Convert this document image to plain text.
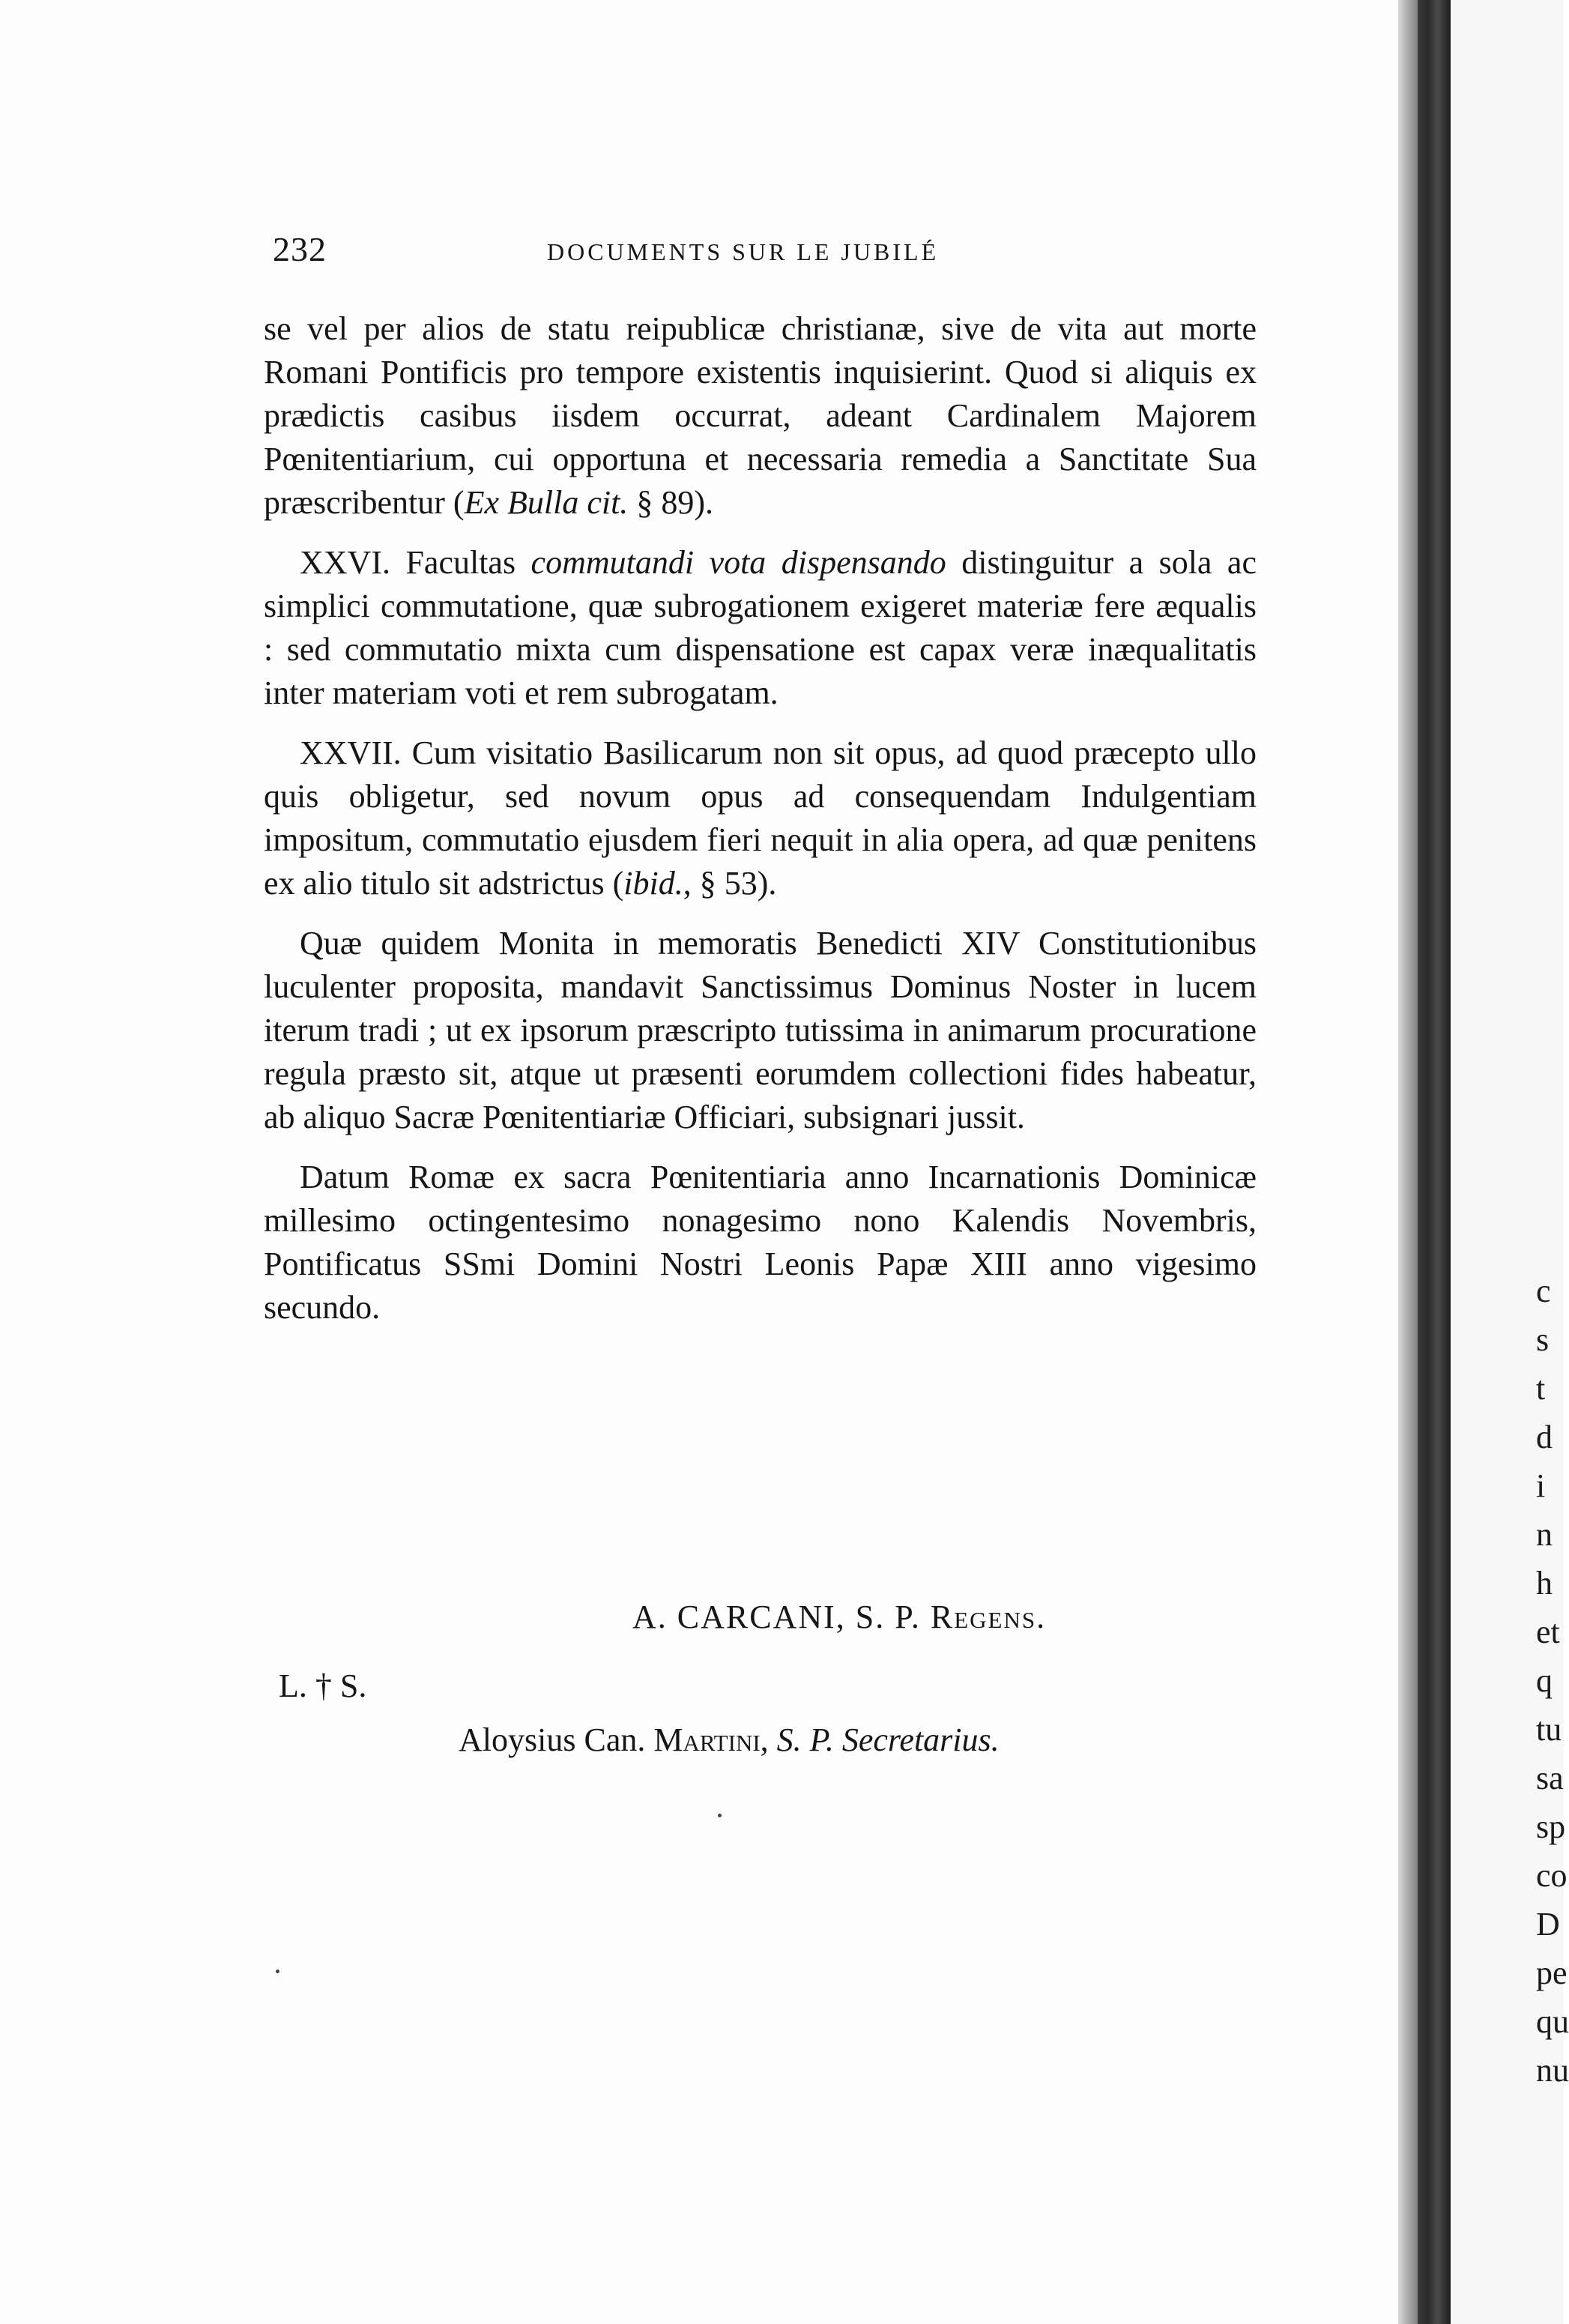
232	DOCUMENTS SUR LE JUBILÉ

se vel per alios de statu reipublicæ christianæ, sive de vita aut morte Romani Pontificis pro tempore existentis inquisierint. Quod si aliquis ex prædictis casibus iisdem occurrat, adeant Cardinalem Majorem Pœnitentiarium, cui opportuna et necessaria remedia a Sanctitate Sua præscribentur (Ex Bulla cit. § 89).

XXVI. Facultas commutandi vota dispensando distinguitur a sola ac simplici commutatione, quæ subrogationem exigeret materiæ fere æqualis : sed commutatio mixta cum dispensatione est capax veræ inæqualitatis inter materiam voti et rem subrogatam.

XXVII. Cum visitatio Basilicarum non sit opus, ad quod præcepto ullo quis obligetur, sed novum opus ad consequendam Indulgentiam impositum, commutatio ejusdem fieri nequit in alia opera, ad quæ penitens ex alio titulo sit adstrictus (ibid., § 53).

Quæ quidem Monita in memoratis Benedicti XIV Constitutionibus luculenter proposita, mandavit Sanctissimus Dominus Noster in lucem iterum tradi ; ut ex ipsorum præscripto tutissima in animarum procuratione regula præsto sit, atque ut præsenti eorumdem collectioni fides habeatur, ab aliquo Sacræ Pœnitentiariæ Officiari, subsignari jussit.

Datum Romæ ex sacra Pœnitentiaria anno Incarnationis Dominicæ millesimo octingentesimo nonagesimo nono Kalendis Novembris, Pontificatus SSmi Domini Nostri Leonis Papæ XIII anno vigesimo secundo.

A. CARCANI, S. P. Regens.
L. † S.
Aloysius Can. Martini, S. P. Secretarius.
c
s
t
d
i
n
h
et
q
tu
sa
sp
co
D
pe
qu
nu
